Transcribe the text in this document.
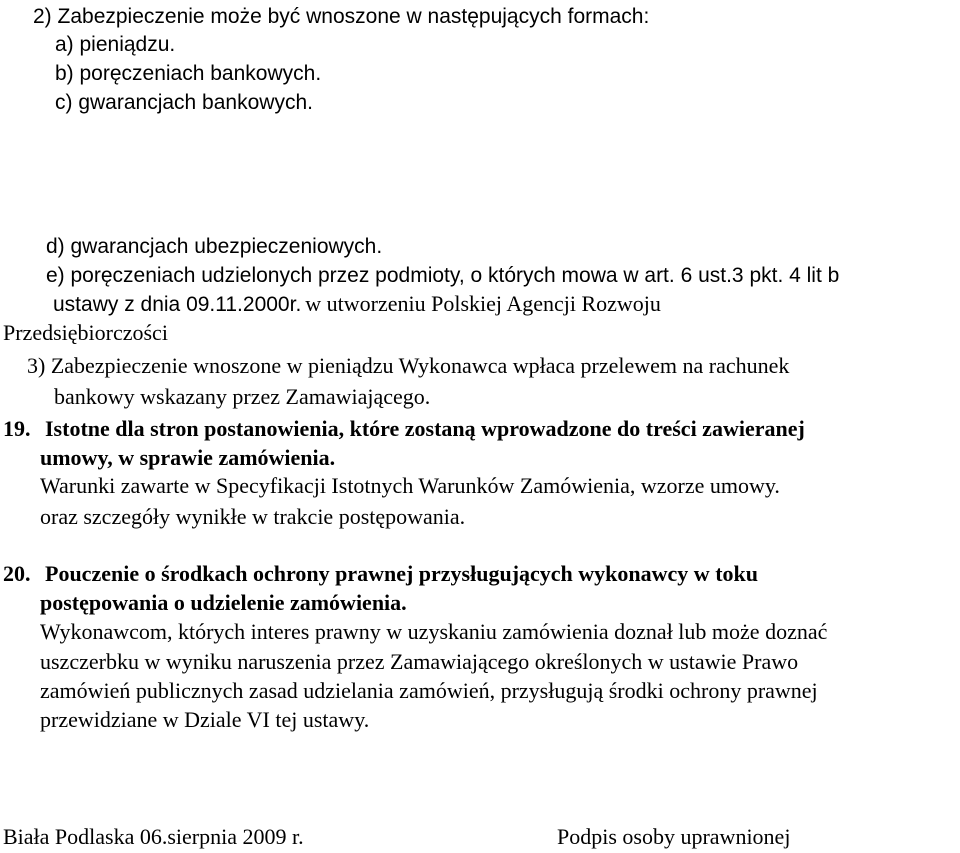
2) Zabezpieczenie może być wnoszone w następujących formach:
a) pieniądzu.
b) poręczeniach bankowych.
c) gwarancjach bankowych.
d) gwarancjach ubezpieczeniowych.
e) poręczeniach udzielonych przez podmioty, o których mowa w art. 6 ust.3 pkt. 4 lit b
ustawy z dnia 09.11.2000r. w utworzeniu Polskiej Agencji Rozwoju
Przedsiębiorczości
3) Zabezpieczenie wnoszone w pieniądzu Wykonawca wpłaca przelewem na rachunek
bankowy wskazany przez Zamawiającego.
19. Istotne dla stron postanowienia, które zostaną wprowadzone do treści zawieranej
umowy, w sprawie zamówienia.
Warunki zawarte w Specyfikacji Istotnych Warunków Zamówienia, wzorze umowy.
oraz szczegóły wynikłe w trakcie postępowania.
20. Pouczenie o środkach ochrony prawnej przysługujących wykonawcy w toku
postępowania o udzielenie zamówienia.
Wykonawcom, których interes prawny w uzyskaniu zamówienia doznał lub może doznać
uszczerbku w wyniku naruszenia przez Zamawiającego określonych w ustawie Prawo
zamówień publicznych zasad udzielania zamówień, przysługują środki ochrony prawnej
przewidziane w Dziale VI tej ustawy.
Biała Podlaska 06.sierpnia 2009 r.	Podpis osoby uprawnionej
